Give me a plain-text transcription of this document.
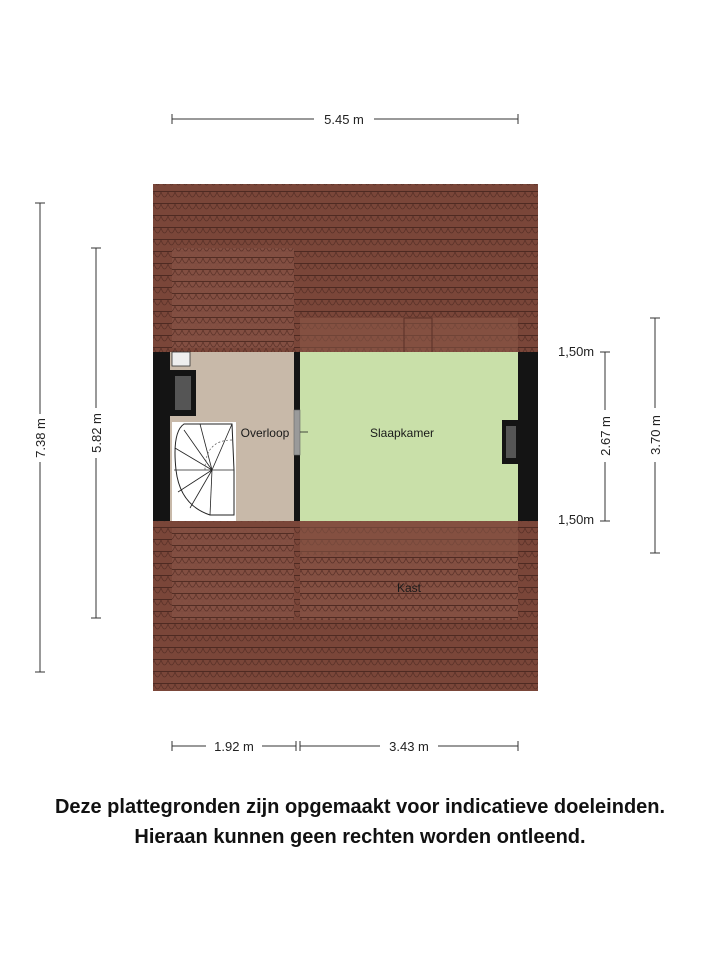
Overloop	Slaapkamer
Kast
5.45 m
7.38 m	5.82 m	2.67 m	3.70 m
1,50m
1,50m
1.92 m	3.43 m
Deze plattegronden zijn opgemaakt voor indicatieve doeleinden.
Hieraan kunnen geen rechten worden ontleend.
